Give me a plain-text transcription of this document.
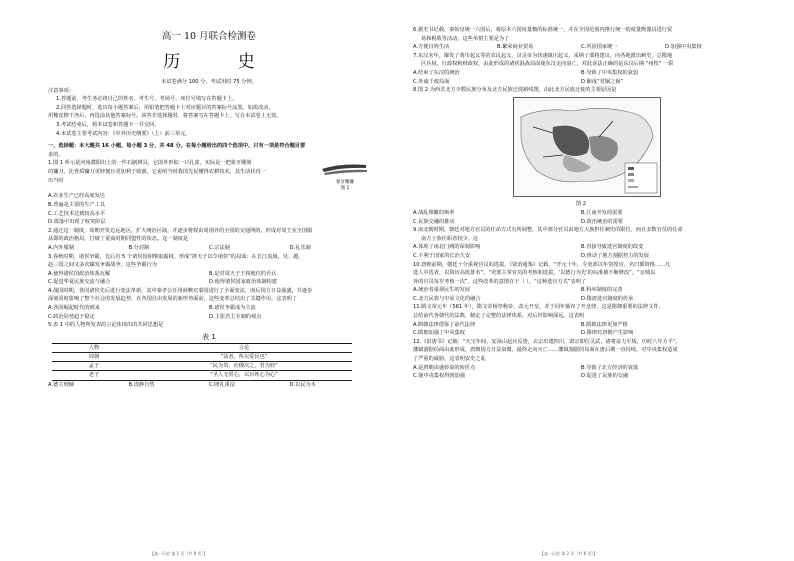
高一 10 月联合检测卷
历 史

本试卷满分 100 分，考试用时 75 分钟。

注意事项：

1.答题前，考生务必将自己的姓名、考生号、考场号、座位号填写在答题卡上。

2.回答选择题时，选出每小题答案后，用铅笔把答题卡上对应题目的答案标号涂黑。如需改动，

用橡皮擦干净后，再选涂其他答案标号。回答非选择题时，将答案写在答题卡上。写在本试卷上无效。

3.考试结束后，将本试卷和答题卡一并交回。

4.本试卷主要考试内容：《中外历史纲要》（上）前三单元。

一、选择题：本大题共 16 小题，每小题 3 分，共 48 分。在每小题给出的四个选项中，只有一项是符合题目要

求的。

1.图 1 所示是河南濮阳出土的一件石制耕具，它的外形似一只孔雀，实际是一把象牙雕刻

的镰刀，比骨质镰刀更轻便且更加利于收割，它说明当时我国先民懂得农耕技术，其生活状况一

出当时	象牙雕镰
图 1

A.农业生产已经高度发达

B.普遍是主要的生产工具

C.工艺技术达到较高水平

D.部落中出现了权贵阶层

2.通过这一制度，周朝开发边远地区，扩大统治区域，并逐步将权由周围外的全国的交通网络，形成对周王室全国服

从即的政治格局，打破了夏商时期同盟性的状态。这一制度是

A.内外服制	B.分封制	C.宗法制	D.礼乐制

3.春秋时期，诸侯争霸，先后有 5 个诸侯国相继取霸权，形成“挟天子以令诸侯”的局面；在长江流域，吴、越、

赵三国之间又多次爆发争霸战争。这些争霸行为

A.使得诸侯国政治体系瓦解	B.是对周天子王权地位的否认
C.促进华夏民族交流与融合	D.使得诸侯国家政治体制构建

4.战国时期，各国诸侯先后进行变法革新，其中秦孝公任用商鞅对秦国进行了全面变法，而后国力日益强盛，并逐步

深刻同时影响了整个社会的发展趋势。在各国自由发展的新形势面前，这些变革总结出了关键作用。这表明了

A.各国崛起时代的到来	B.诸侯争霸成为主流
C.政治局势趋于稳定	D.主张君主专制的观点

5.表 1 中的人物所发表的言论体现出的共同思想是

表 1
人物	言论
周朝	“法者，所以爱民也”
孟子	“民为贵，社稷次之，君为轻”
老子	“圣人无常心，以百姓心为心”
A.德主刑辅	B.清静自然	C.隆礼重法	D.以民为本

6.据史书记载，秦始皇统一六国后，将原本六国度量衡的标准统一，并在全国范围内推行统一的度量衡器具进行贸

易和税收等活动。这些举措主要是为了

A.方便百姓生活	B.繁荣商业贸易	C.巩固国家统一	D.加强中央集权

7.东汉末年，爆发了黄巾起义等的农民起义，汉灵帝为快速镇压起义，采纳了部将建议，向各地派出刺史，总揽地

区兵权、行政权和财政权，由此形成的诸侯混战局面使东汉走向衰亡。对此说法正确的是东汉后期 “州牧” 一职

A.结束了东汉的统治	B.导致了中央集权的衰弱
C.外戚干政局面	D.酿成“党锢之祸”

8.图 2 为西晋北方少数民族分布及北方民族迁徙路线图，由此北方民族迁徙的主要原因是

图 2
A.战乱频繁的频率	B.江南开发的需要
C.民族交融的推动	D.政治统治的需要

9.南北朝时期，朝廷对地方官员的任命方式有所调整，其中部分官员由地方大族担任刺史的职位，而且多数官员的任命

南方士族任职者较少，这

A.体现了南北门阀的深刻影响	B.直接导致选官制度的改变
C.不利于国家的长治久安	D.推动了地方割据势力的发展

10.唐朝前期，朝廷十分重视官员的选拔，《资治通鉴》记载，“开元十年，令吏部以年资授官，名曰循资格……凡

选人中选者，以资历高低排名”，“吏部主掌官员的考核和选拔，‘以德行为先’的标准被不断修改”。“京城以

外的官员每岁考核一次”。这些改革的意图在于（ ）。“这种选官方式”表明了

A.统治者重视民生的发展	B.科举制度的完善
C.北方民族与中原文化的融合	D.隋唐选官制度的传承

11.隋文帝元年（581 年），隋文帝杨坚称帝，改元开皇，并于同年颁布了开皇律，这是隋朝重要的法律文件，

总结前代各朝代的法典，制定了完整的法律体系，对后世影响深远。这表明

A.隋朝法律借鉴了前代法律	B.隋朝法律更加严格
C.隋朝加强了中央集权	D.隋律对唐朝产生影响

12.《旧唐书》记载：“天宝年间，安禄山起兵反唐，玄宗出逃四川，肃宗即位灵武，诸将奋力平叛，历时八年方平”，

藩镇割据局面由此形成，唐朝国力日益衰微，最终走向灭亡……藩镇割据的局面在唐后期一直持续，对中央集权造成

了严重的威胁，这表明安史之乱

A.是唐朝由盛转衰的转折点	B.导致了北方经济的衰落
C.使中央集权得到加强	D.促进了民族的交融
【高一历史 第 1 页（共 6 页）】	【高一历史 第 2 页（共 6 页）】
